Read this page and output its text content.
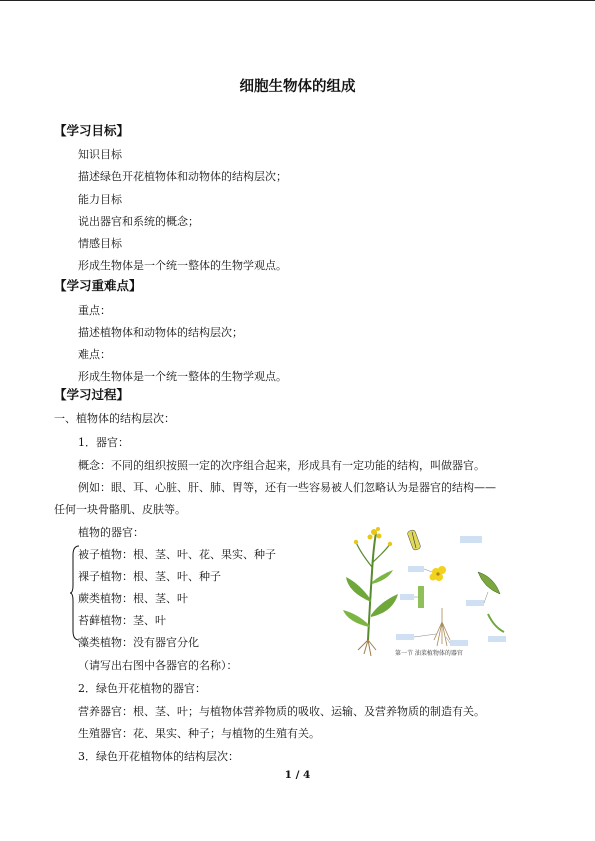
细胞生物体的组成
【学习目标】
知识目标
描述绿色开花植物体和动物体的结构层次；
能力目标
说出器官和系统的概念；
情感目标
形成生物体是一个统一整体的生物学观点。
【学习重难点】
重点：
描述植物体和动物体的结构层次；
难点：
形成生物体是一个统一整体的生物学观点。
【学习过程】
一、植物体的结构层次：
1．器官：
概念：不同的组织按照一定的次序组合起来，形成具有一定功能的结构，叫做器官。
例如：眼、耳、心脏、肝、肺、胃等，还有一些容易被人们忽略认为是器官的结构——
任何一块骨骼肌、皮肤等。
植物的器官：
被子植物：根、茎、叶、花、果实、种子
裸子植物：根、茎、叶、种子
蕨类植物：根、茎、叶
苔藓植物：茎、叶
藻类植物：没有器官分化
（请写出右图中各器官的名称）：
2．绿色开花植物的器官：
营养器官：根、茎、叶；与植物体营养物质的吸收、运输、及营养物质的制造有关。
生殖器官：花、果实、种子；与植物的生殖有关。
3．绿色开花植物体的结构层次：
第一节 油菜植物体的器官
1 / 4
